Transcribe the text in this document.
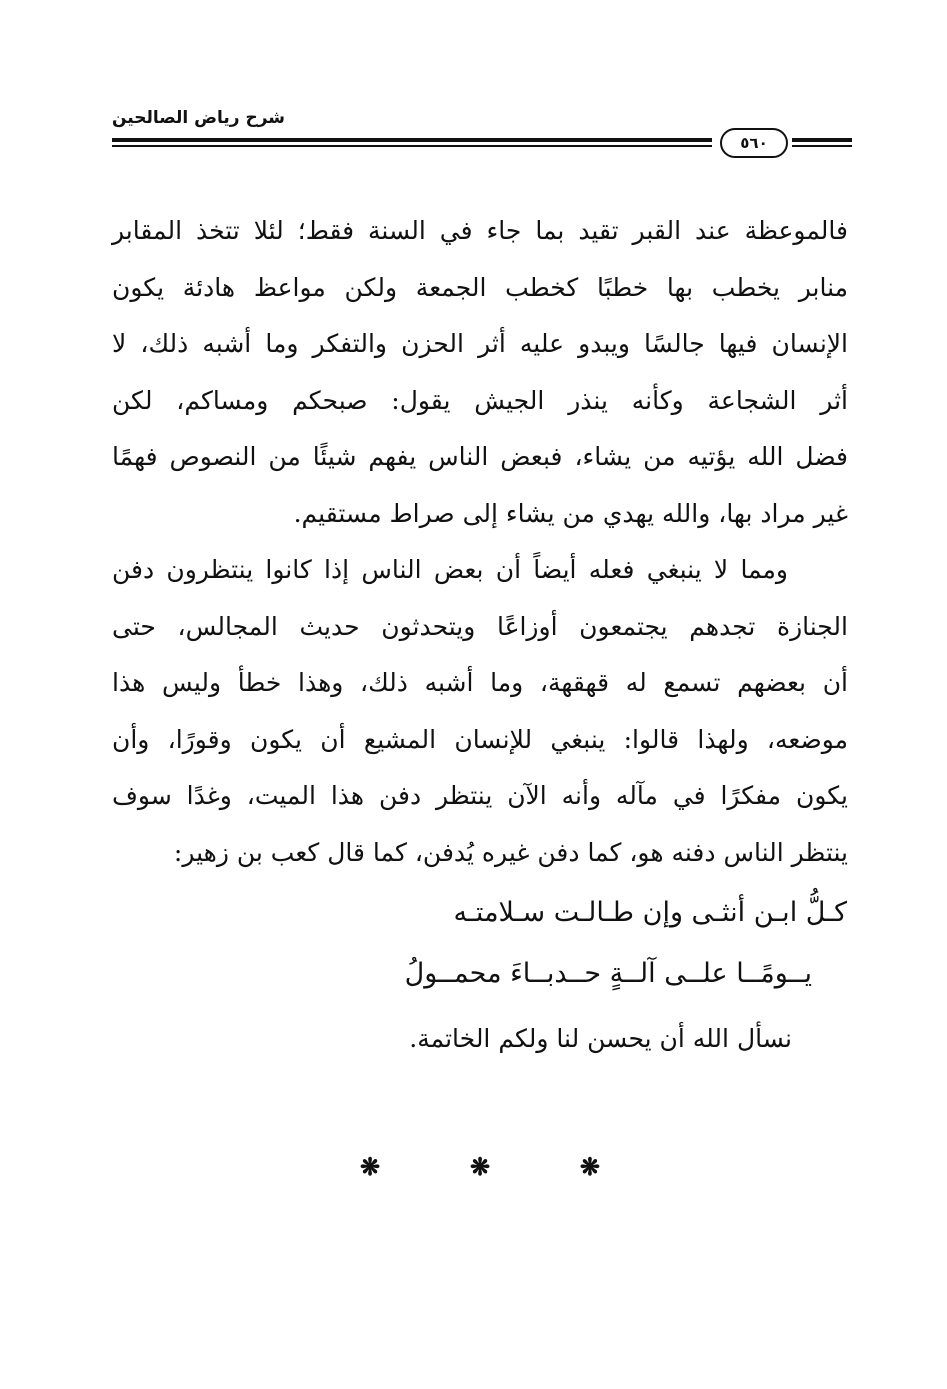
شرح رياض الصالحين
٥٦٠

فالموعظة عند القبر تقيد بما جاء في السنة فقط؛ لئلا تتخذ المقابر
منابر يخطب بها خطبًا كخطب الجمعة ولكن مواعظ هادئة يكون
الإنسان فيها جالسًا ويبدو عليه أثر الحزن والتفكر وما أشبه ذلك، لا
أثر الشجاعة وكأنه ينذر الجيش يقول: صبحكم ومساكم، لكن
فضل الله يؤتيه من يشاء، فبعض الناس يفهم شيئًا من النصوص فهمًا
غير مراد بها، والله يهدي من يشاء إلى صراط مستقيم.

ومما لا ينبغي فعله أيضاً أن بعض الناس إذا كانوا ينتظرون دفن
الجنازة تجدهم يجتمعون أوزاعًا ويتحدثون حديث المجالس، حتى
أن بعضهم تسمع له قهقهة، وما أشبه ذلك، وهذا خطأ وليس هذا
موضعه، ولهذا قالوا: ينبغي للإنسان المشيع أن يكون وقورًا، وأن
يكون مفكرًا في مآله وأنه الآن ينتظر دفن هذا الميت، وغدًا سوف
ينتظر الناس دفنه هو، كما دفن غيره يُدفن، كما قال كعب بن زهير:

كـلُّ ابـن أنثـى وإن طـالـت سـلامتـه
يــومًــا علــى آلــةٍ حــدبــاءَ محمــولُ
نسأل الله أن يحسن لنا ولكم الخاتمة.
❋	❋	❋
